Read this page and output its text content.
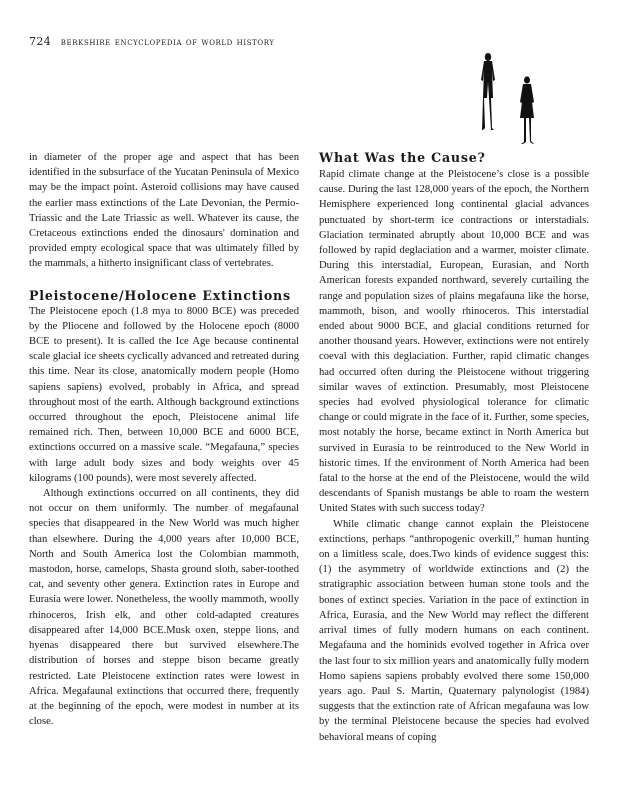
724 berkshire encyclopedia of world history

in diameter of the proper age and aspect that has been identified in the subsurface of the Yucatan Peninsula of Mexico may be the impact point. Asteroid collisions may have caused the earlier mass extinctions of the Late Devonian, the Permio-Triassic and the Late Triassic as well. Whatever its cause, the Cretaceous extinctions ended the dinosaurs' domination and provided empty ecological space that was ultimately filled by the mammals, a hitherto insignificant class of vertebrates.

Pleistocene/Holocene Extinctions

The Pleistocene epoch (1.8 mya to 8000 BCE) was preceded by the Pliocene and followed by the Holocene epoch (8000 BCE to present). It is called the Ice Age because continental scale glacial ice sheets cyclically advanced and retreated during this time. Near its close, anatomically modern people (Homo sapiens sapiens) evolved, probably in Africa, and spread throughout most of the earth. Although background extinctions occurred throughout the epoch, Pleistocene animal life remained rich. Then, between 10,000 BCE and 6000 BCE, extinctions occurred on a massive scale. “Megafauna,” species with large adult body sizes and body weights over 45 kilograms (100 pounds), were most severely affected.

Although extinctions occurred on all continents, they did not occur on them uniformly. The number of megafaunal species that disappeared in the New World was much higher than elsewhere. During the 4,000 years after 10,000 BCE, North and South America lost the Colombian mammoth, mastodon, horse, camelops, Shasta ground sloth, saber-toothed cat, and seventy other genera. Extinction rates in Europe and Eurasia were lower. Nonetheless, the woolly mammoth, woolly rhinoceros, Irish elk, and other cold-adapted creatures disappeared after 14,000 BCE.Musk oxen, steppe lions, and hyenas disappeared there but survived elsewhere.The distribution of horses and steppe bison became greatly restricted. Late Pleistocene extinction rates were lowest in Africa. Megafaunal extinctions that occurred there, frequently at the beginning of the epoch, were modest in number at its close.

What Was the Cause?

Rapid climate change at the Pleistocene’s close is a possible cause. During the last 128,000 years of the epoch, the Northern Hemisphere experienced long continental glacial advances punctuated by short-term ice contractions or interstadials. Glaciation terminated abruptly about 10,000 BCE and was followed by rapid deglaciation and a warmer, moister climate. During this interstadial, European, Eurasian, and North American forests expanded northward, severely curtailing the range and population sizes of plains megafauna like the horse, mammoth, bison, and woolly rhinoceros. This interstadial ended about 9000 BCE, and glacial conditions returned for another thousand years. However, extinctions were not entirely coeval with this deglaciation. Further, rapid climatic changes had occurred often during the Pleistocene without triggering similar waves of extinction. Presumably, most Pleistocene species had evolved physiological tolerance for climatic change or could migrate in the face of it. Further, some species, most notably the horse, became extinct in North America but survived in Eurasia to be reintroduced to the New World in historic times. If the environment of North America had been fatal to the horse at the end of the Pleistocene, would the wild descendants of Spanish mustangs be able to roam the western United States with such success today?

While climatic change cannot explain the Pleistocene extinctions, perhaps “anthropogenic overkill,” human hunting on a limitless scale, does.Two kinds of evidence suggest this: (1) the asymmetry of worldwide extinctions and (2) the stratigraphic association between human stone tools and the bones of extinct species. Variation in the pace of extinction in Africa, Eurasia, and the New World may reflect the different arrival times of fully modern humans on each continent. Megafauna and the hominids evolved together in Africa over the last four to six million years and anatomically fully modern Homo sapiens sapiens probably evolved there some 150,000 years ago. Paul S. Martin, Quaternary palynologist (1984) suggests that the extinction rate of African megafauna was low by the terminal Pleistocene because the species had evolved behavioral means of coping
